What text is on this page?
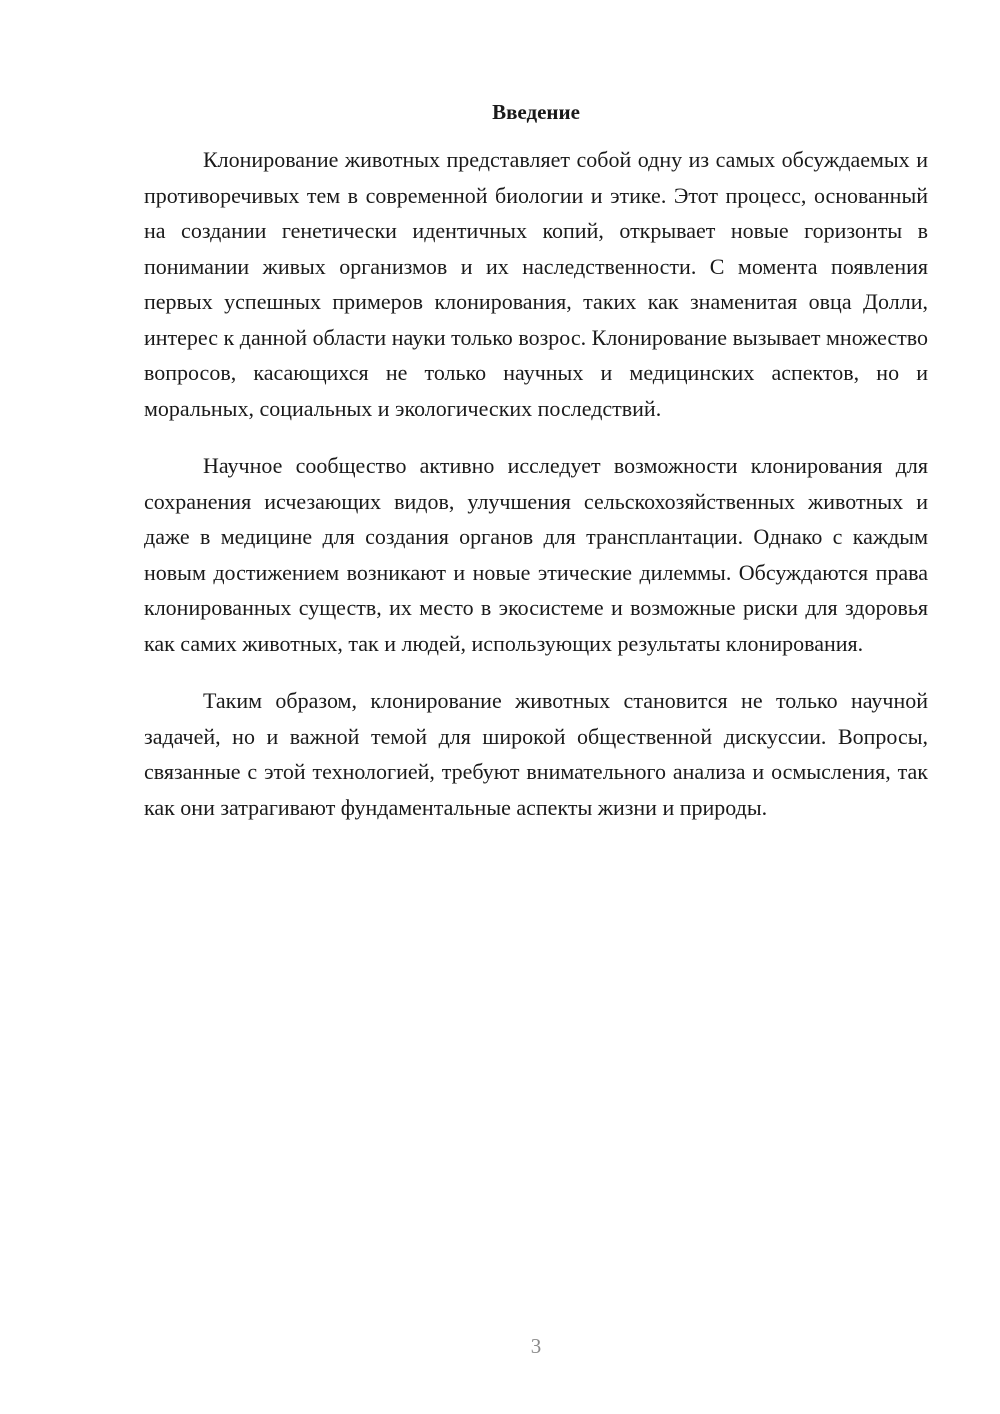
Введение

Клонирование животных представляет собой одну из самых обсуждаемых и противоречивых тем в современной биологии и этике. Этот процесс, основанный на создании генетически идентичных копий, открывает новые горизонты в понимании живых организмов и их наследственности. С момента появления первых успешных примеров клонирования, таких как знаменитая овца Долли, интерес к данной области науки только возрос. Клонирование вызывает множество вопросов, касающихся не только научных и медицинских аспектов, но и моральных, социальных и экологических последствий.

Научное сообщество активно исследует возможности клонирования для сохранения исчезающих видов, улучшения сельскохозяйственных животных и даже в медицине для создания органов для трансплантации. Однако с каждым новым достижением возникают и новые этические дилеммы. Обсуждаются права клонированных существ, их место в экосистеме и возможные риски для здоровья как самих животных, так и людей, использующих результаты клонирования.

Таким образом, клонирование животных становится не только научной задачей, но и важной темой для широкой общественной дискуссии. Вопросы, связанные с этой технологией, требуют внимательного анализа и осмысления, так как они затрагивают фундаментальные аспекты жизни и природы.

3
